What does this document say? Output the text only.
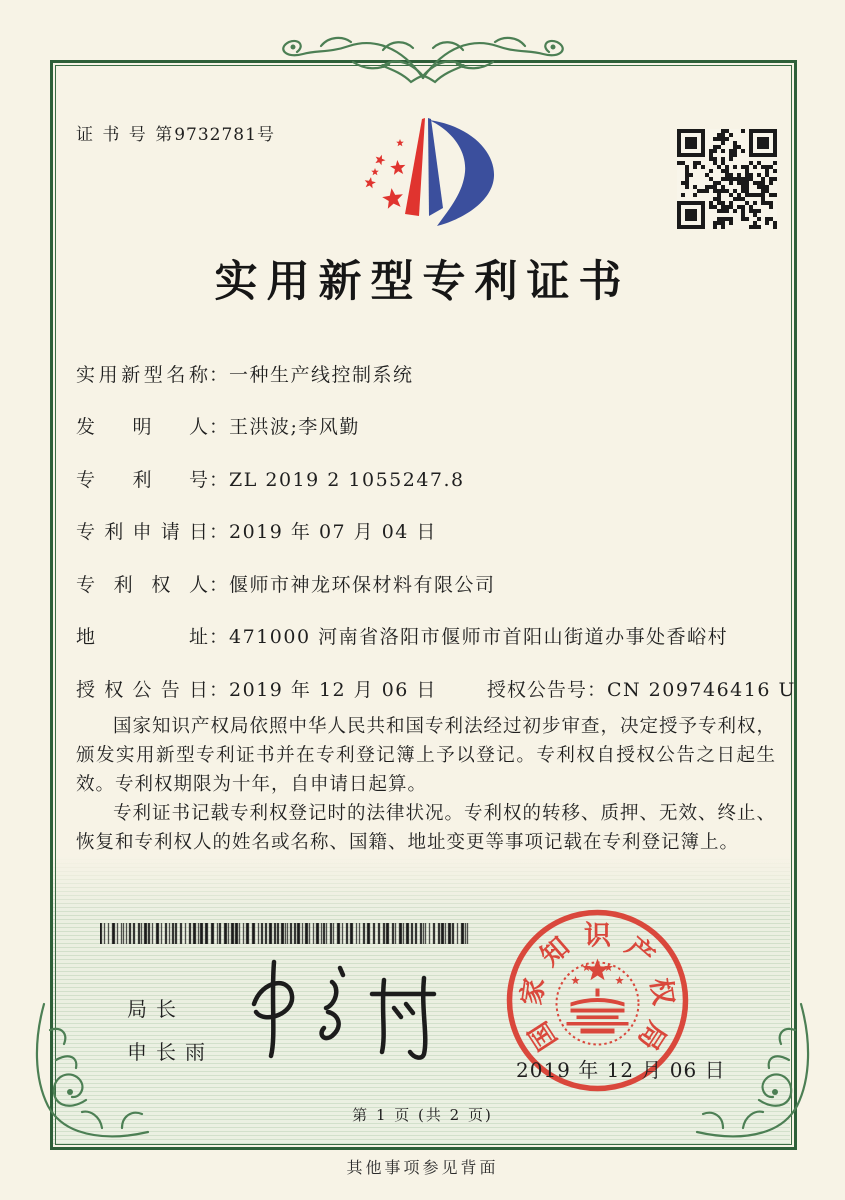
证 书 号 第9732781号
实用新型专利证书
实用新型名称：一种生产线控制系统
发明人：王洪波;李风勤
专利号：ZL 2019 2 1055247.8
专利申请日：2019 年 07 月 04 日
专利权人：偃师市神龙环保材料有限公司
地址：471000 河南省洛阳市偃师市首阳山街道办事处香峪村
授权公告日：2019 年 12 月 06 日	授权公告号：CN 209746416 U

国家知识产权局依照中华人民共和国专利法经过初步审查，决定授予专利权，颁发实用新型专利证书并在专利登记簿上予以登记。专利权自授权公告之日起生效。专利权期限为十年，自申请日起算。

专利证书记载专利权登记时的法律状况。专利权的转移、质押、无效、终止、恢复和专利权人的姓名或名称、国籍、地址变更等事项记载在专利登记簿上。

局长
申长雨	国
家
知 识 产
权
局
2019 年 12 月 06 日
第 1 页 (共 2 页)
其他事项参见背面
